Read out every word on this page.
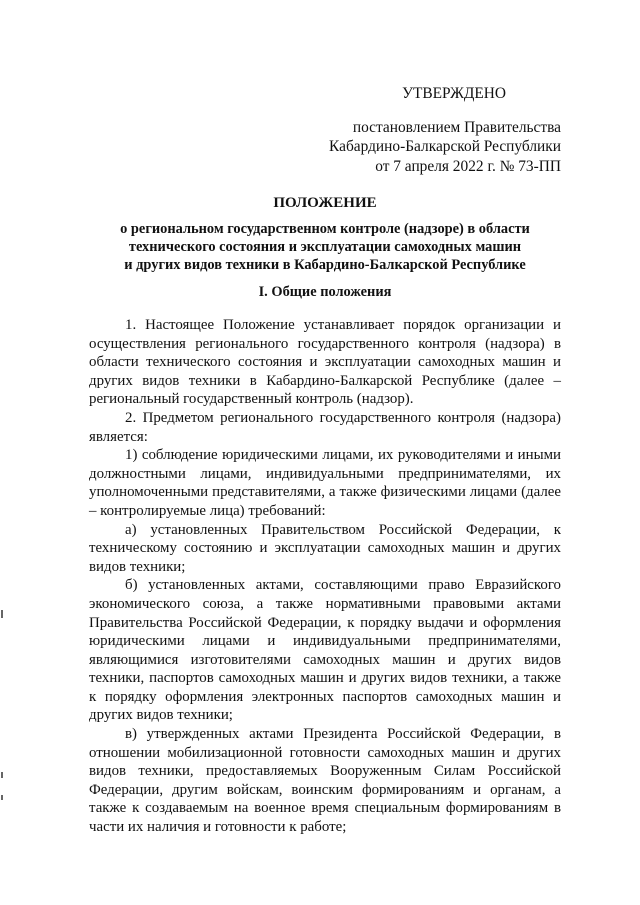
УТВЕРЖДЕНО
постановлением Правительства
Кабардино-Балкарской Республики
от 7 апреля 2022 г. № 73-ПП
ПОЛОЖЕНИЕ
о региональном государственном контроле (надзоре) в области
технического состояния и эксплуатации самоходных машин
и других видов техники в Кабардино-Балкарской Республике
I. Общие положения

1. Настоящее Положение устанавливает порядок организации и осуществления регионального государственного контроля (надзора) в области технического состояния и эксплуатации самоходных машин и других видов техники в Кабардино-Балкарской Республике (далее – региональный государственный контроль (надзор).

2. Предметом регионального государственного контроля (надзора) является:

1) соблюдение юридическими лицами, их руководителями и иными должностными лицами, индивидуальными предпринимателями, их уполномоченными представителями, а также физическими лицами (далее – контролируемые лица) требований:

а) установленных Правительством Российской Федерации, к техническому состоянию и эксплуатации самоходных машин и других видов техники;

б) установленных актами, составляющими право Евразийского экономического союза, а также нормативными правовыми актами Правительства Российской Федерации, к порядку выдачи и оформления юридическими лицами и индивидуальными предпринимателями, являющимися изготовителями самоходных машин и других видов техники, паспортов самоходных машин и других видов техники, а также к порядку оформления электронных паспортов самоходных машин и других видов техники;

в) утвержденных актами Президента Российской Федерации, в отношении мобилизационной готовности самоходных машин и других видов техники, предоставляемых Вооруженным Силам Российской Федерации, другим войскам, воинским формированиям и органам, а также к создаваемым на военное время специальным формированиям в части их наличия и готовности к работе;
